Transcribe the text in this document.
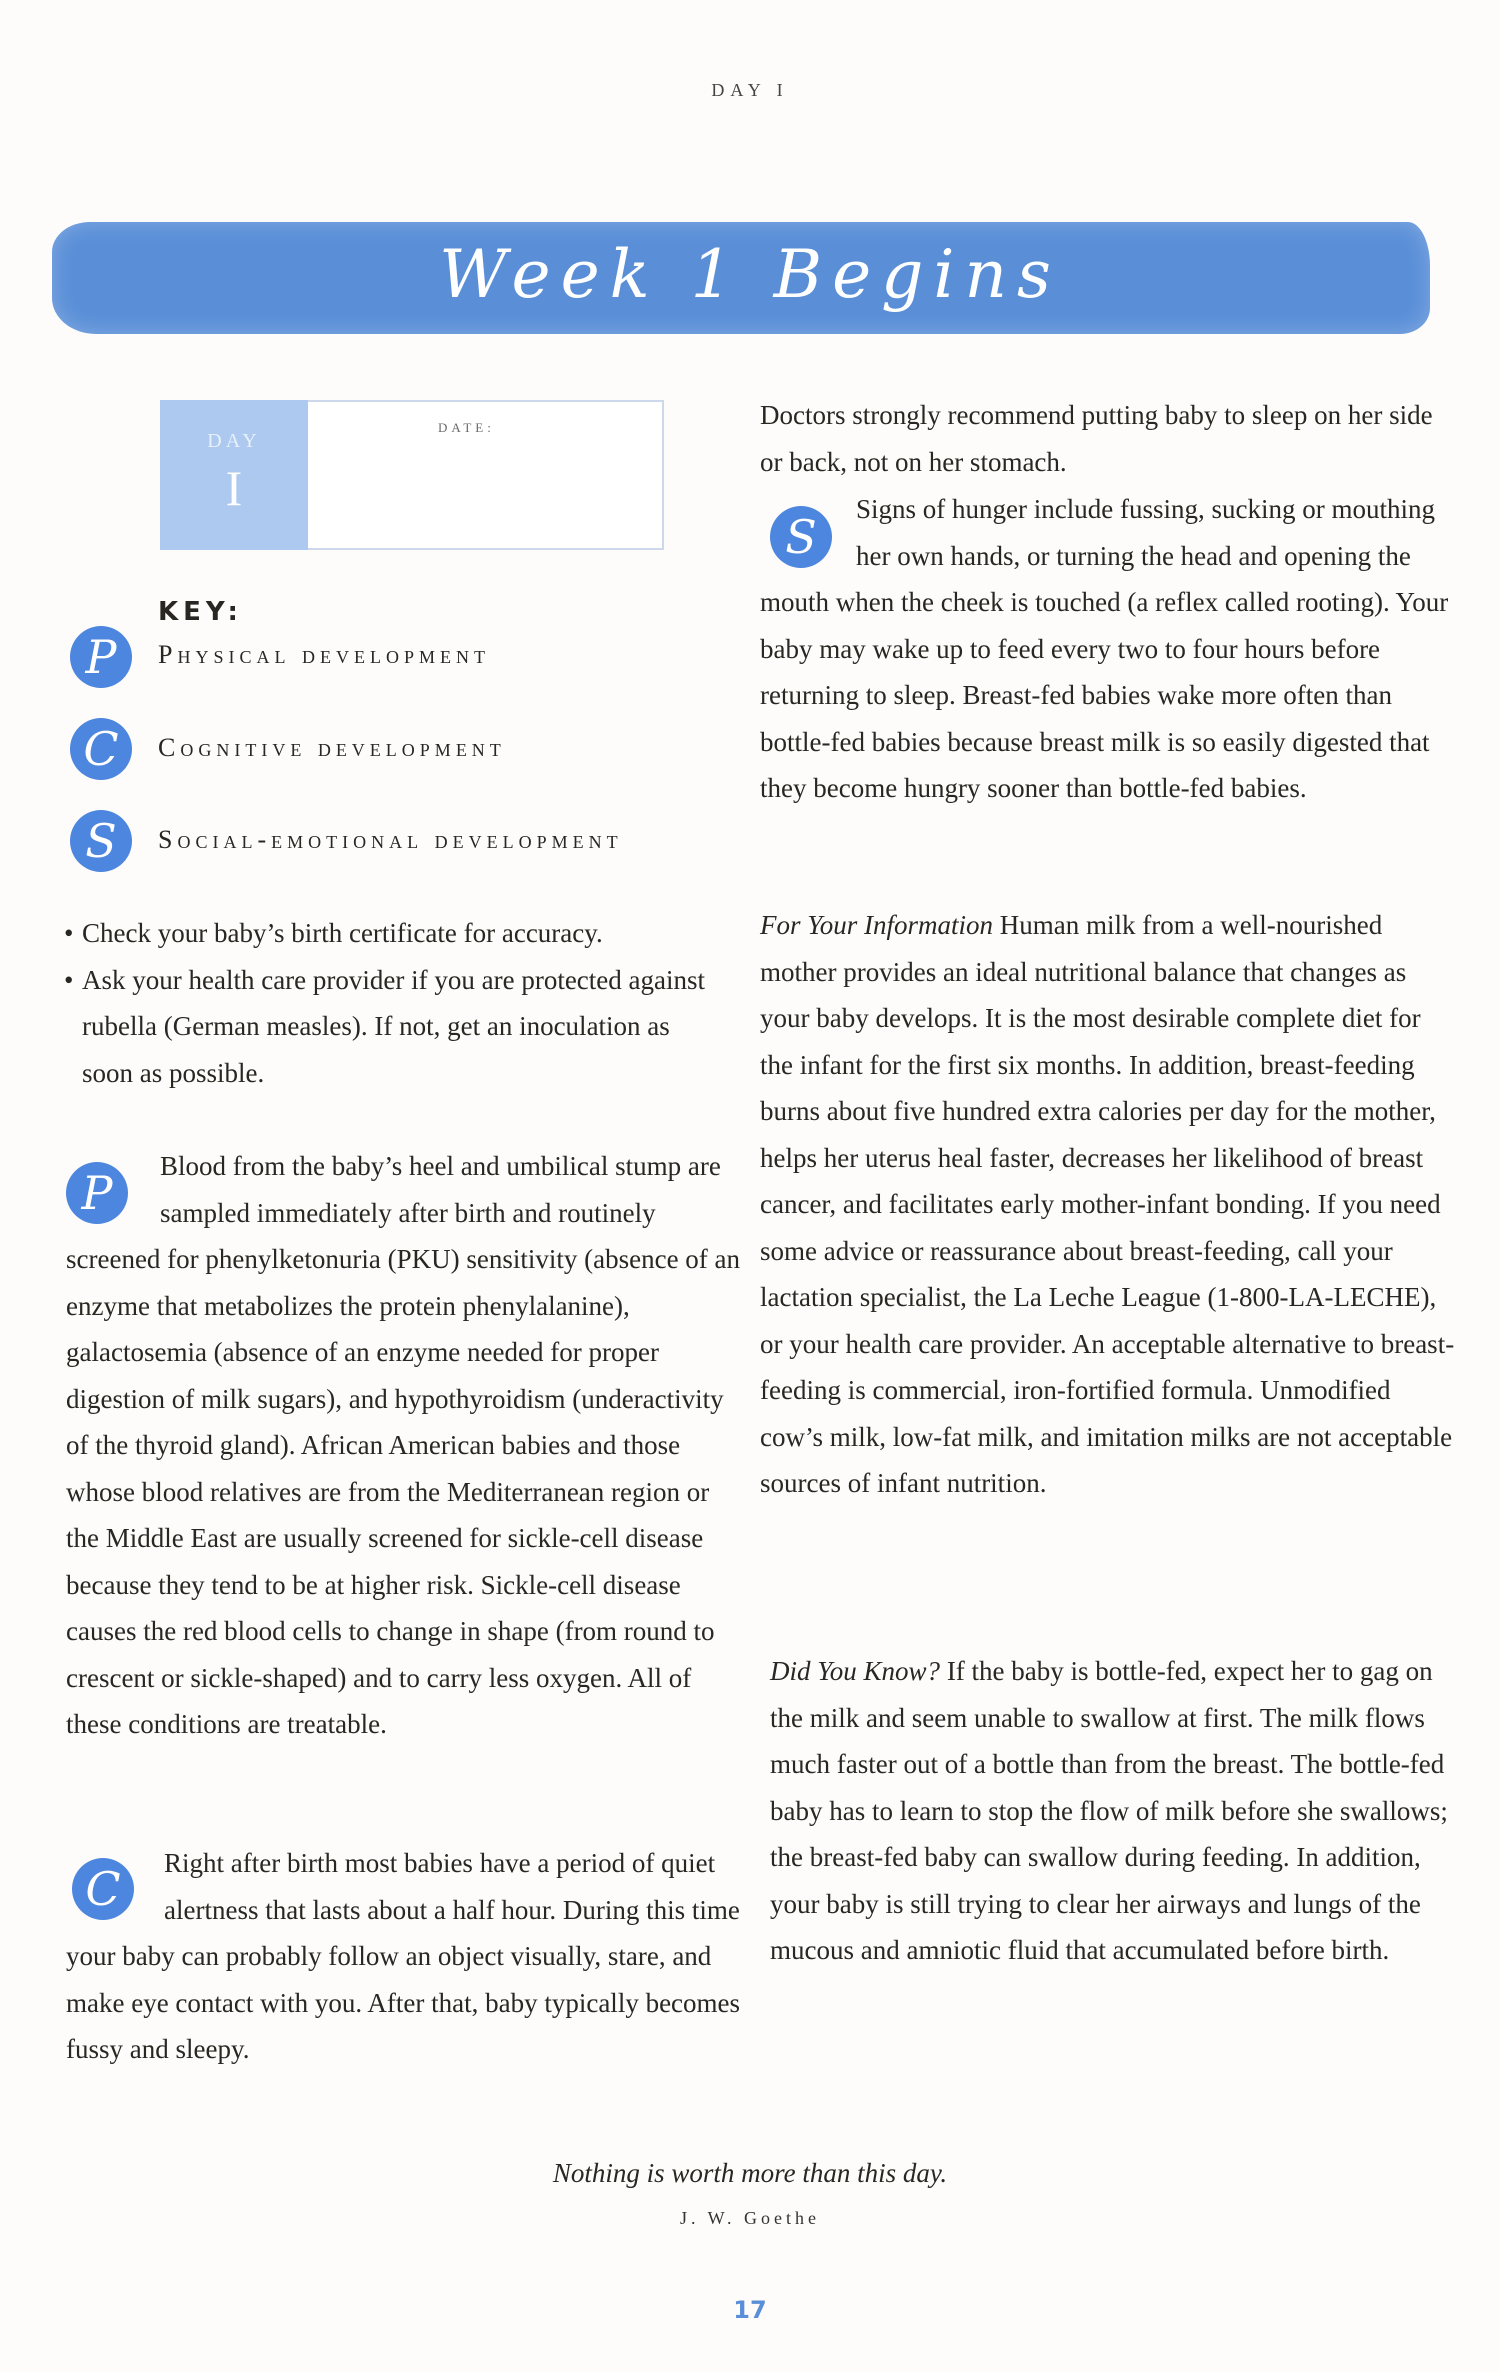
DAY I
Week 1 Begins
DAY
I
DATE:
KEY:
P	Physical development
C	Cognitive development
S	Social-emotional development
• Check your baby’s birth certificate for accuracy.
• Ask your health care provider if you are protected against rubella (German measles). If not, get an inoculation as soon as possible.
P	Blood from the baby’s heel and umbilical stump are sampled immediately after birth and routinely screened for phenylketonuria (PKU) sensitivity (absence of an enzyme that metabolizes the protein phenylalanine), galactosemia (absence of an enzyme needed for proper digestion of milk sugars), and hypothyroidism (underactivity of the thyroid gland). African American babies and those whose blood relatives are from the Mediterranean region or the Middle East are usually screened for sickle-cell disease because they tend to be at higher risk. Sickle-cell disease causes the red blood cells to change in shape (from round to crescent or sickle-shaped) and to carry less oxygen. All of these conditions are treatable.
C	Right after birth most babies have a period of quiet alertness that lasts about a half hour. During this time your baby can probably follow an object visually, stare, and make eye contact with you. After that, baby typically becomes fussy and sleepy.
Doctors strongly recommend putting baby to sleep on her side or back, not on her stomach.
S
Signs of hunger include fussing, sucking or mouthing her own hands, or turning the head and opening the mouth when the cheek is touched (a reflex called rooting). Your baby may wake up to feed every two to four hours before returning to sleep. Breast-fed babies wake more often than bottle-fed babies because breast milk is so easily digested that they become hungry sooner than bottle-fed babies.
For Your Information Human milk from a well-nourished mother provides an ideal nutritional balance that changes as your baby develops. It is the most desirable complete diet for the infant for the first six months. In addition, breast-feeding burns about five hundred extra calories per day for the mother, helps her uterus heal faster, decreases her likelihood of breast cancer, and facilitates early mother-infant bonding. If you need some advice or reassurance about breast-feeding, call your lactation specialist, the La Leche League (1-800-LA-LECHE), or your health care provider. An acceptable alternative to breast-feeding is commercial, iron-fortified formula. Unmodified cow’s milk, low-fat milk, and imitation milks are not acceptable sources of infant nutrition.
Did You Know? If the baby is bottle-fed, expect her to gag on the milk and seem unable to swallow at first. The milk flows much faster out of a bottle than from the breast. The bottle-fed baby has to learn to stop the flow of milk before she swallows; the breast-fed baby can swallow during feeding. In addition, your baby is still trying to clear her airways and lungs of the mucous and amniotic fluid that accumulated before birth.
Nothing is worth more than this day.
J. W. Goethe
17
